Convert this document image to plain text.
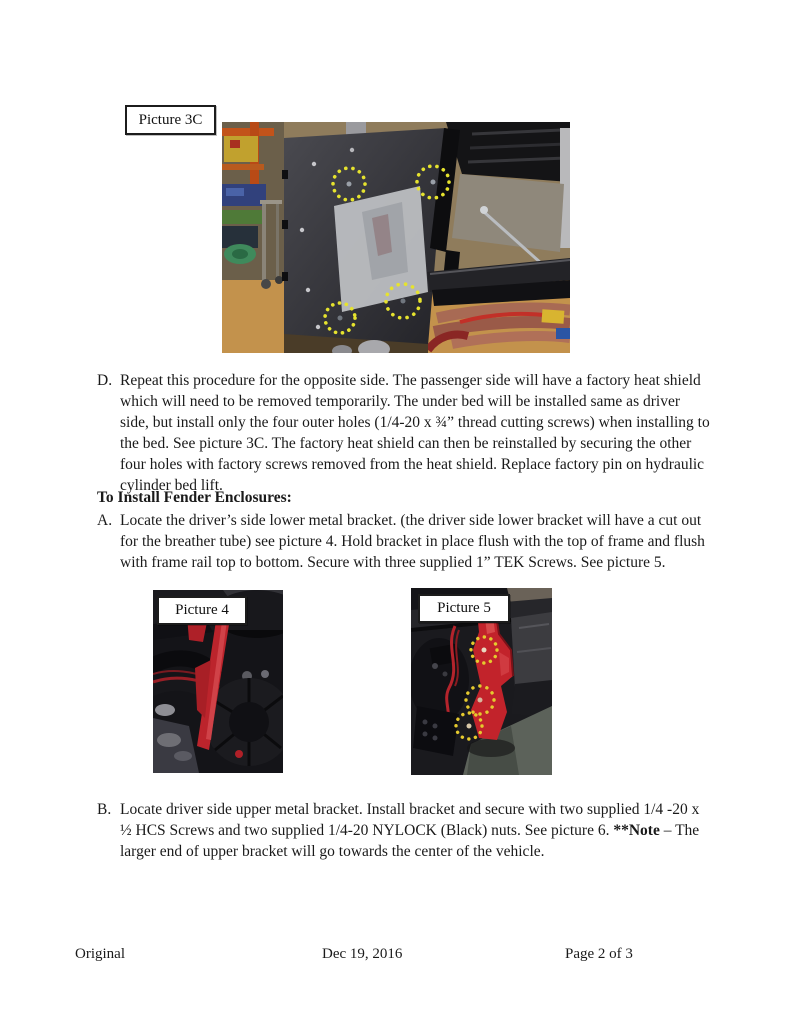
Picture 3C
D. Repeat this procedure for the opposite side. The passenger side will have a factory heat shield which will need to be removed temporarily. The under bed will be installed same as driver side, but install only the four outer holes (1/4-20 x ¾” thread cutting screws) when installing to the bed. See picture 3C. The factory heat shield can then be reinstalled by securing the other four holes with factory screws removed from the heat shield. Replace factory pin on hydraulic cylinder bed lift.
To Install Fender Enclosures:
A. Locate the driver’s side lower metal bracket. (the driver side lower bracket will have a cut out for the breather tube) see picture 4. Hold bracket in place flush with the top of frame and flush with frame rail top to bottom. Secure with three supplied 1” TEK Screws. See picture 5.
Picture 4	Picture 5
B. Locate driver side upper metal bracket. Install bracket and secure with two supplied 1/4 -20 x ½ HCS Screws and two supplied 1/4-20 NYLOCK (Black) nuts. See picture 6. **Note – The larger end of upper bracket will go towards the center of the vehicle.
Original	Dec 19, 2016	Page 2 of 3
